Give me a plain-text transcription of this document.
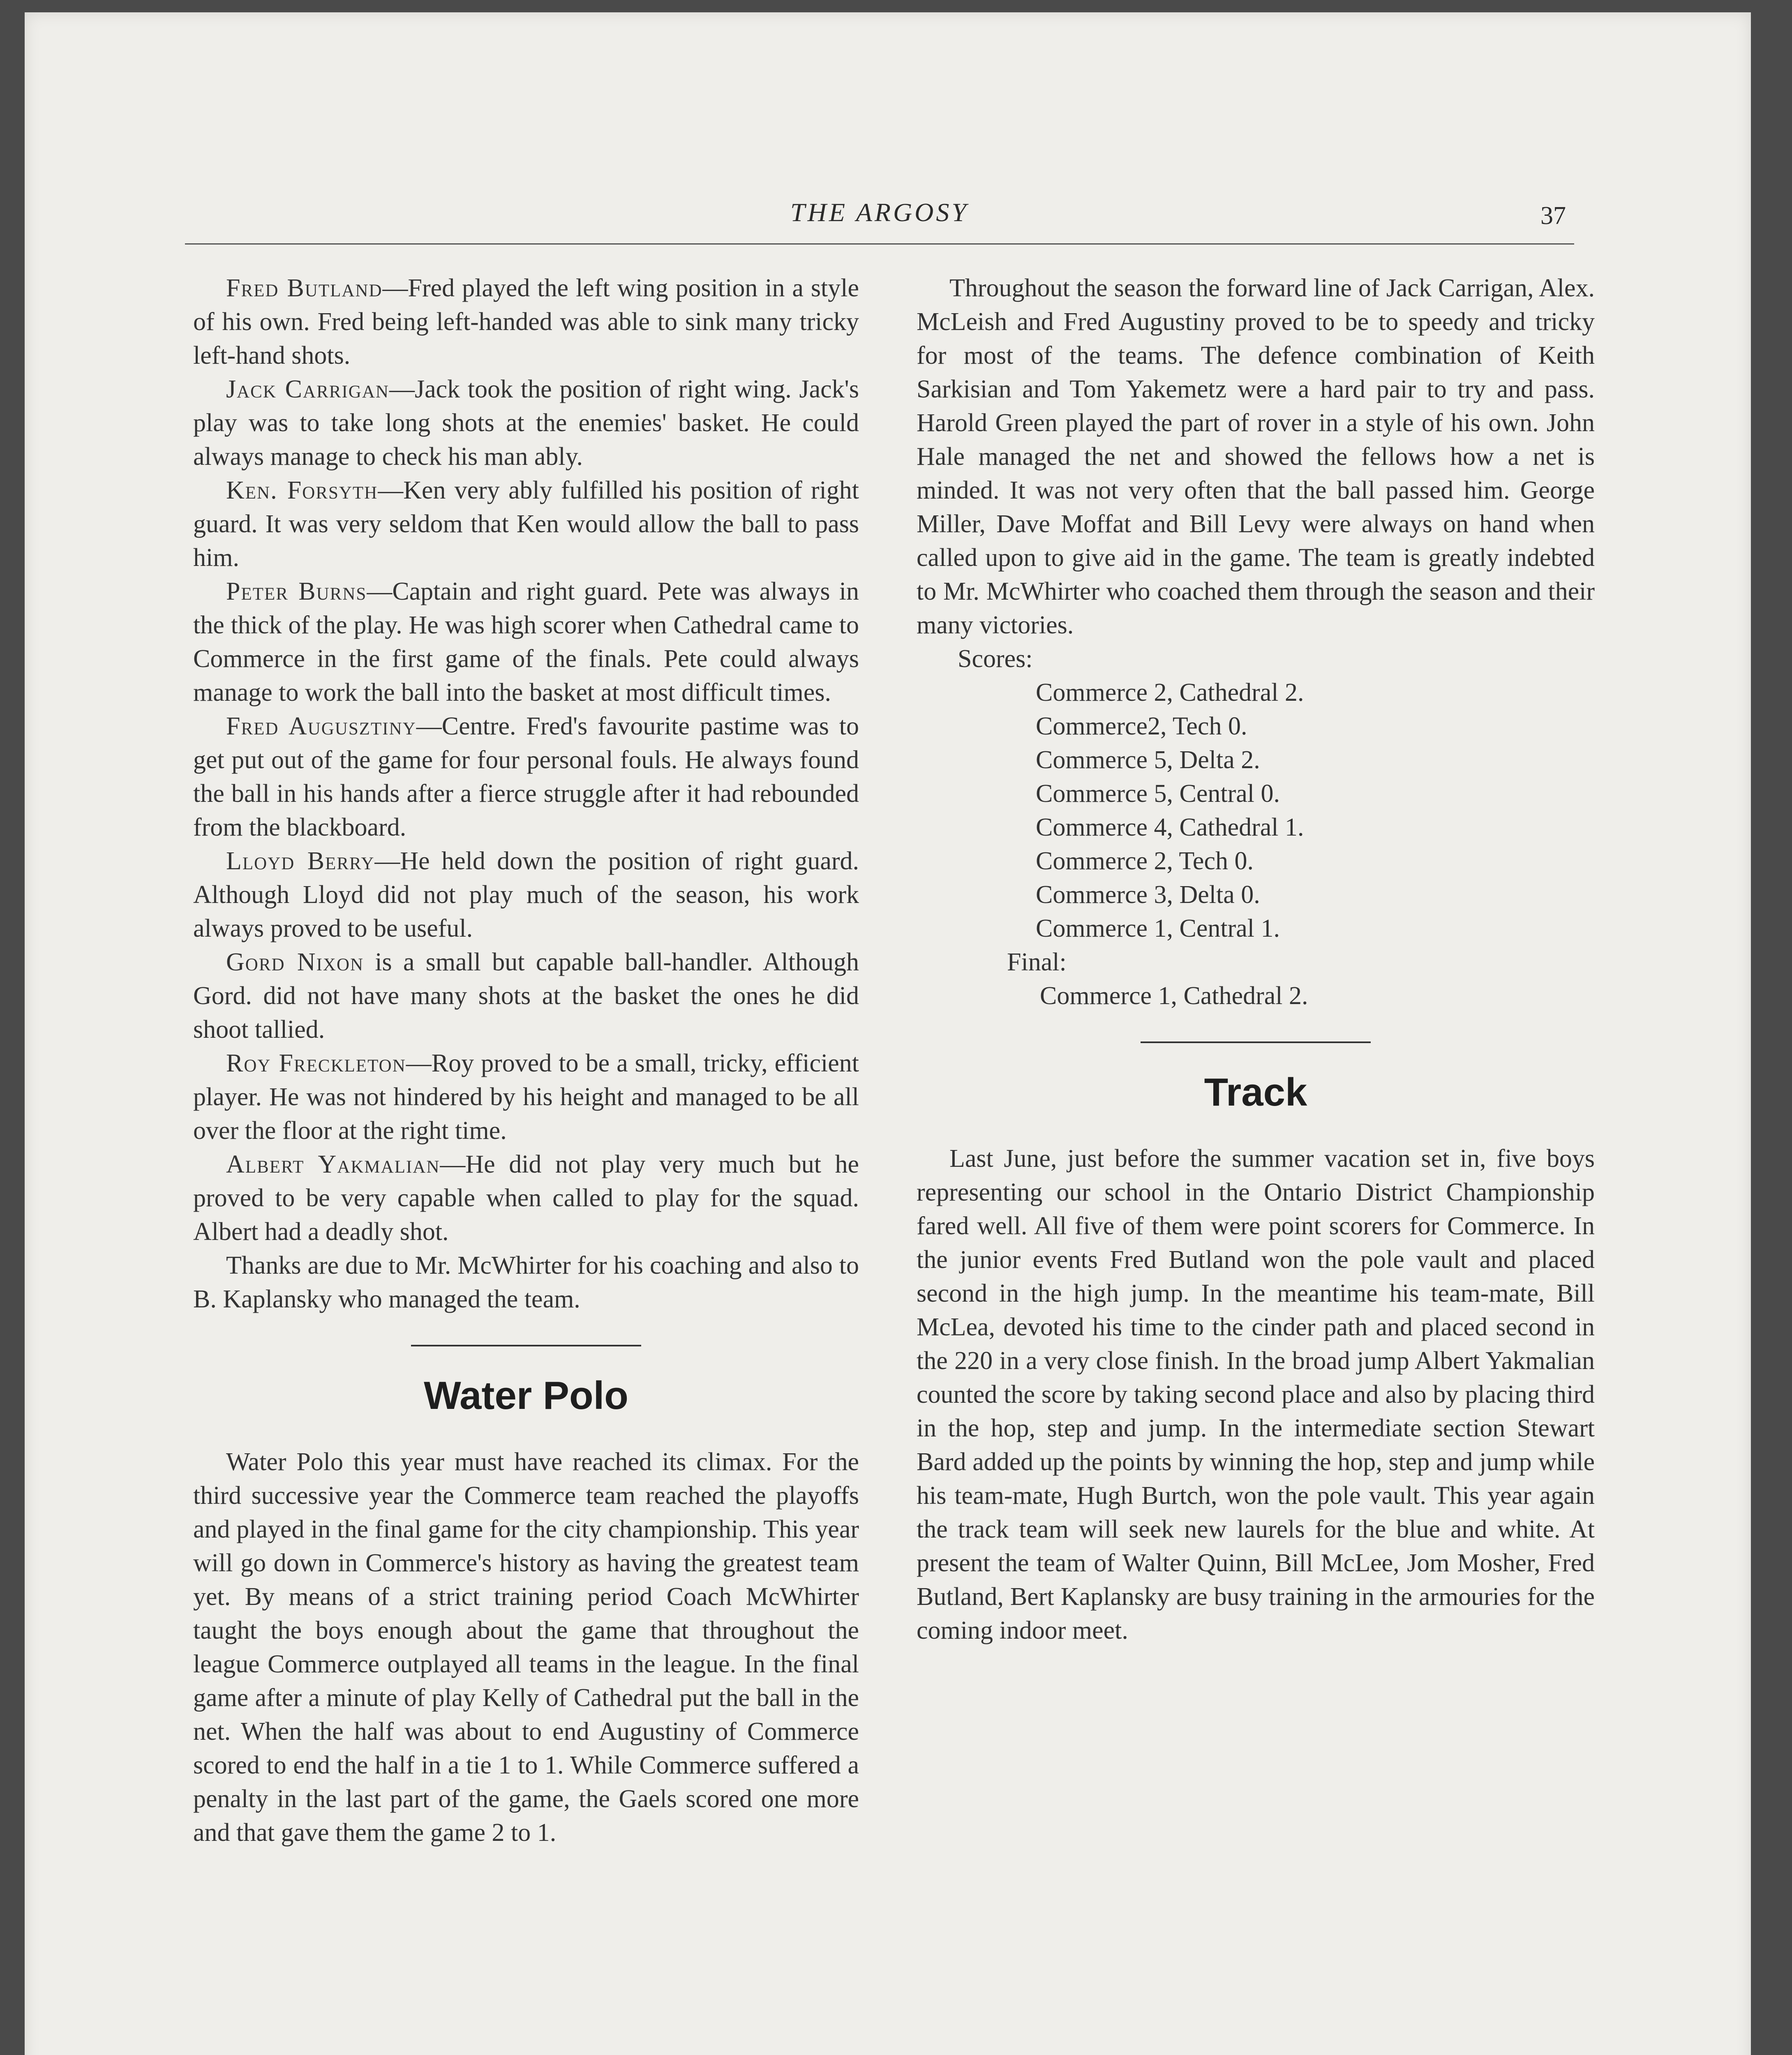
THE ARGOSY	37

Fred Butland—Fred played the left wing position in a style of his own. Fred being left-handed was able to sink many tricky left-hand shots.

Jack Carrigan—Jack took the position of right wing. Jack's play was to take long shots at the enemies' basket. He could always manage to check his man ably.

Ken. Forsyth—Ken very ably fulfilled his position of right guard. It was very seldom that Ken would allow the ball to pass him.

Peter Burns—Captain and right guard. Pete was always in the thick of the play. He was high scorer when Cathedral came to Commerce in the first game of the finals. Pete could always manage to work the ball into the basket at most difficult times.

Fred Augusztiny—Centre. Fred's favourite pastime was to get put out of the game for four personal fouls. He always found the ball in his hands after a fierce struggle after it had rebounded from the blackboard.

Lloyd Berry—He held down the position of right guard. Although Lloyd did not play much of the season, his work always proved to be useful.

Gord Nixon is a small but capable ball-handler. Although Gord. did not have many shots at the basket the ones he did shoot tallied.

Roy Freckleton—Roy proved to be a small, tricky, efficient player. He was not hindered by his height and managed to be all over the floor at the right time.

Albert Yakmalian—He did not play very much but he proved to be very capable when called to play for the squad. Albert had a deadly shot.

Thanks are due to Mr. McWhirter for his coaching and also to B. Kaplansky who managed the team.

Water Polo

Water Polo this year must have reached its climax. For the third successive year the Commerce team reached the playoffs and played in the final game for the city championship. This year will go down in Commerce's history as having the greatest team yet. By means of a strict training period Coach McWhirter taught the boys enough about the game that throughout the league Commerce outplayed all teams in the league. In the final game after a minute of play Kelly of Cathedral put the ball in the net. When the half was about to end Augustiny of Commerce scored to end the half in a tie 1 to 1. While Commerce suffered a penalty in the last part of the game, the Gaels scored one more and that gave them the game 2 to 1.

Throughout the season the forward line of Jack Carrigan, Alex. McLeish and Fred Augustiny proved to be to speedy and tricky for most of the teams. The defence combination of Keith Sarkisian and Tom Yakemetz were a hard pair to try and pass. Harold Green played the part of rover in a style of his own. John Hale managed the net and showed the fellows how a net is minded. It was not very often that the ball passed him. George Miller, Dave Moffat and Bill Levy were always on hand when called upon to give aid in the game. The team is greatly indebted to Mr. McWhirter who coached them through the season and their many victories.

Scores:
Commerce 2, Cathedral 2.
Commerce2, Tech 0.
Commerce 5, Delta 2.
Commerce 5, Central 0.
Commerce 4, Cathedral 1.
Commerce 2, Tech 0.
Commerce 3, Delta 0.
Commerce 1, Central 1.
Final:
Commerce 1, Cathedral 2.
Track

Last June, just before the summer vacation set in, five boys representing our school in the Ontario District Championship fared well. All five of them were point scorers for Commerce. In the junior events Fred Butland won the pole vault and placed second in the high jump. In the meantime his team-mate, Bill McLea, devoted his time to the cinder path and placed second in the 220 in a very close finish. In the broad jump Albert Yakmalian counted the score by taking second place and also by placing third in the hop, step and jump. In the intermediate section Stewart Bard added up the points by winning the hop, step and jump while his team-mate, Hugh Burtch, won the pole vault. This year again the track team will seek new laurels for the blue and white. At present the team of Walter Quinn, Bill McLee, Jom Mosher, Fred Butland, Bert Kaplansky are busy training in the armouries for the coming indoor meet.
